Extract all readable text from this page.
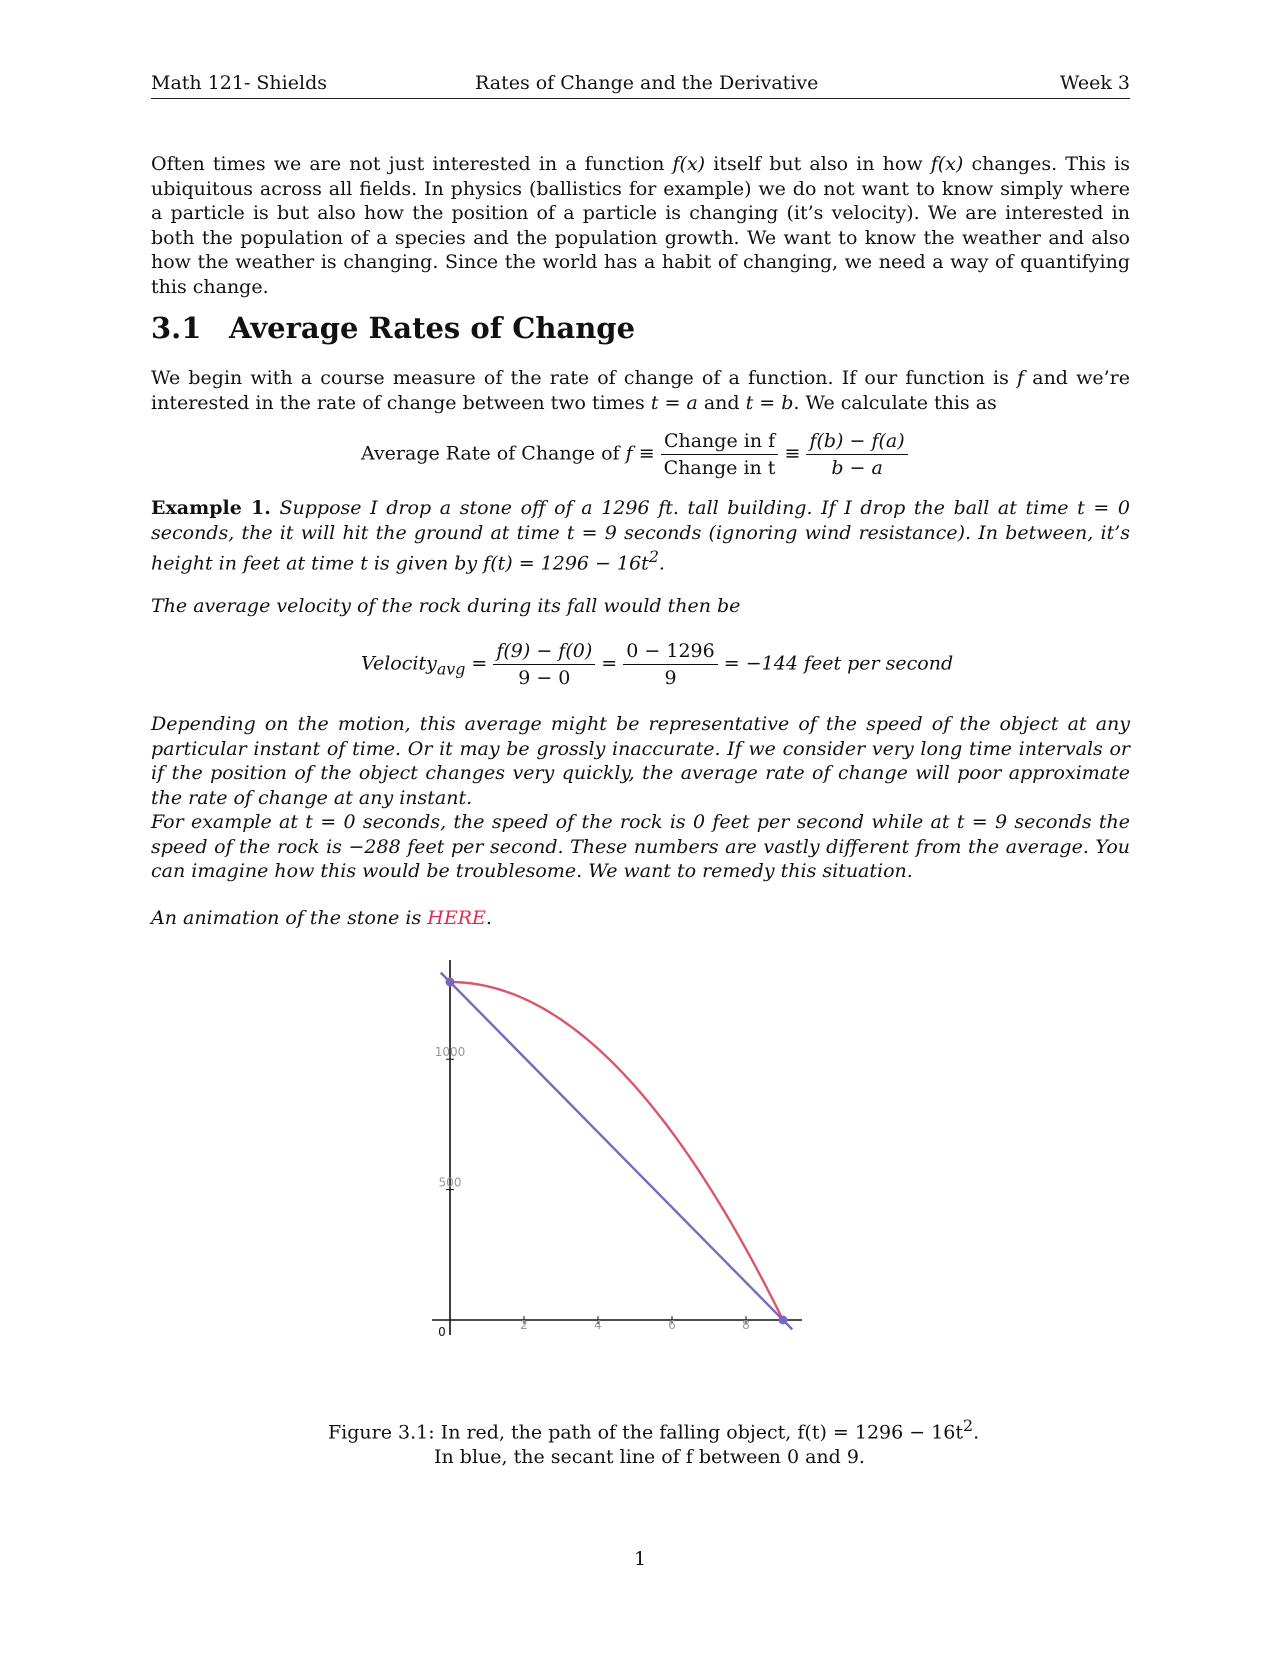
Math 121- Shields	Rates of Change and the Derivative	Week 3

Often times we are not just interested in a function f(x) itself but also in how f(x) changes. This is ubiquitous across all fields. In physics (ballistics for example) we do not want to know simply where a particle is but also how the position of a particle is changing (it’s velocity). We are interested in both the population of a species and the population growth. We want to know the weather and also how the weather is changing. Since the world has a habit of changing, we need a way of quantifying this change.

3.1 Average Rates of Change

We begin with a course measure of the rate of change of a function. If our function is f and we’re interested in the rate of change between two times t = a and t = b. We calculate this as

Average Rate of Change of $f \equiv \frac{\text{Change in f}}{\text{Change in t}} \equiv \frac{f(b) - f(a)}{b - a}$

Example 1. Suppose I drop a stone off of a 1296 ft. tall building. If I drop the ball at time t = 0 seconds, the it will hit the ground at time t = 9 seconds (ignoring wind resistance). In between, it’s height in feet at time t is given by $f(t) = 1296 - 16t^2$.

The average velocity of the rock during its fall would then be

Velocity$_{avg}$ = $\frac{f(9) - f(0)}{9 - 0} = \frac{0 - 1296}{9} = -144$ feet per second

Depending on the motion, this average might be representative of the speed of the object at any particular instant of time. Or it may be grossly inaccurate. If we consider very long time intervals or if the position of the object changes very quickly, the average rate of change will poor approximate the rate of change at any instant.

For example at t = 0 seconds, the speed of the rock is 0 feet per second while at t = 9 seconds the speed of the rock is −288 feet per second. These numbers are vastly different from the average. You can imagine how this would be troublesome. We want to remedy this situation.

An animation of the stone is HERE.

2	4	6	8
1000
500
0
Figure 3.1: In red, the path of the falling object, $f(t) = 1296 - 16t^2$.
In blue, the secant line of f between 0 and 9.
1
